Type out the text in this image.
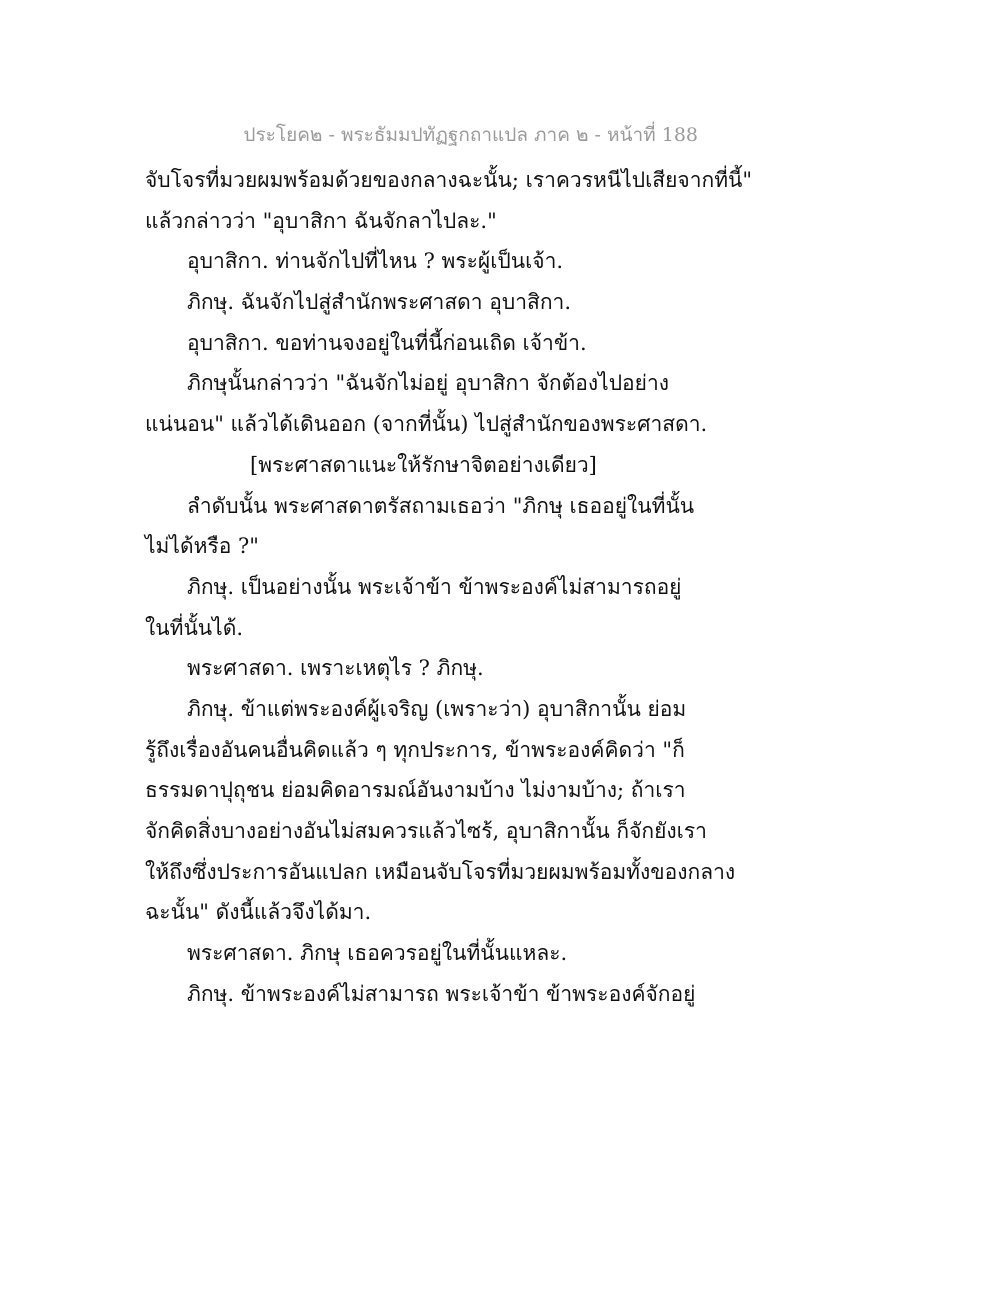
ประโยค๒ - พระธัมมปทัฏฐกถาแปล ภาค ๒ - หน้าที่ 188
จับโจรที่มวยผมพร้อมด้วยของกลางฉะนั้น; เราควรหนีไปเสียจากที่นี้"
แล้วกล่าวว่า "อุบาสิกา ฉันจักลาไปละ."
อุบาสิกา. ท่านจักไปที่ไหน ? พระผู้เป็นเจ้า.
ภิกษุ. ฉันจักไปสู่สำนักพระศาสดา อุบาสิกา.
อุบาสิกา. ขอท่านจงอยู่ในที่นี้ก่อนเถิด เจ้าข้า.
ภิกษุนั้นกล่าวว่า "ฉันจักไม่อยู่ อุบาสิกา จักต้องไปอย่าง
แน่นอน" แล้วได้เดินออก (จากที่นั้น) ไปสู่สำนักของพระศาสดา.
[พระศาสดาแนะให้รักษาจิตอย่างเดียว]
ลำดับนั้น พระศาสดาตรัสถามเธอว่า "ภิกษุ เธออยู่ในที่นั้น
ไม่ได้หรือ ?"
ภิกษุ. เป็นอย่างนั้น พระเจ้าข้า ข้าพระองค์ไม่สามารถอยู่
ในที่นั้นได้.
พระศาสดา. เพราะเหตุไร ? ภิกษุ.
ภิกษุ. ข้าแต่พระองค์ผู้เจริญ (เพราะว่า) อุบาสิกานั้น ย่อม
รู้ถึงเรื่องอันคนอื่นคิดแล้ว ๆ ทุกประการ, ข้าพระองค์คิดว่า "ก็
ธรรมดาปุถุชน ย่อมคิดอารมณ์อันงามบ้าง ไม่งามบ้าง; ถ้าเรา
จักคิดสิ่งบางอย่างอันไม่สมควรแล้วไซร้, อุบาสิกานั้น ก็จักยังเรา
ให้ถึงซึ่งประการอันแปลก เหมือนจับโจรที่มวยผมพร้อมทั้งของกลาง
ฉะนั้น" ดังนี้แล้วจึงได้มา.
พระศาสดา. ภิกษุ เธอควรอยู่ในที่นั้นแหละ.
ภิกษุ. ข้าพระองค์ไม่สามารถ พระเจ้าข้า ข้าพระองค์จักอยู่
